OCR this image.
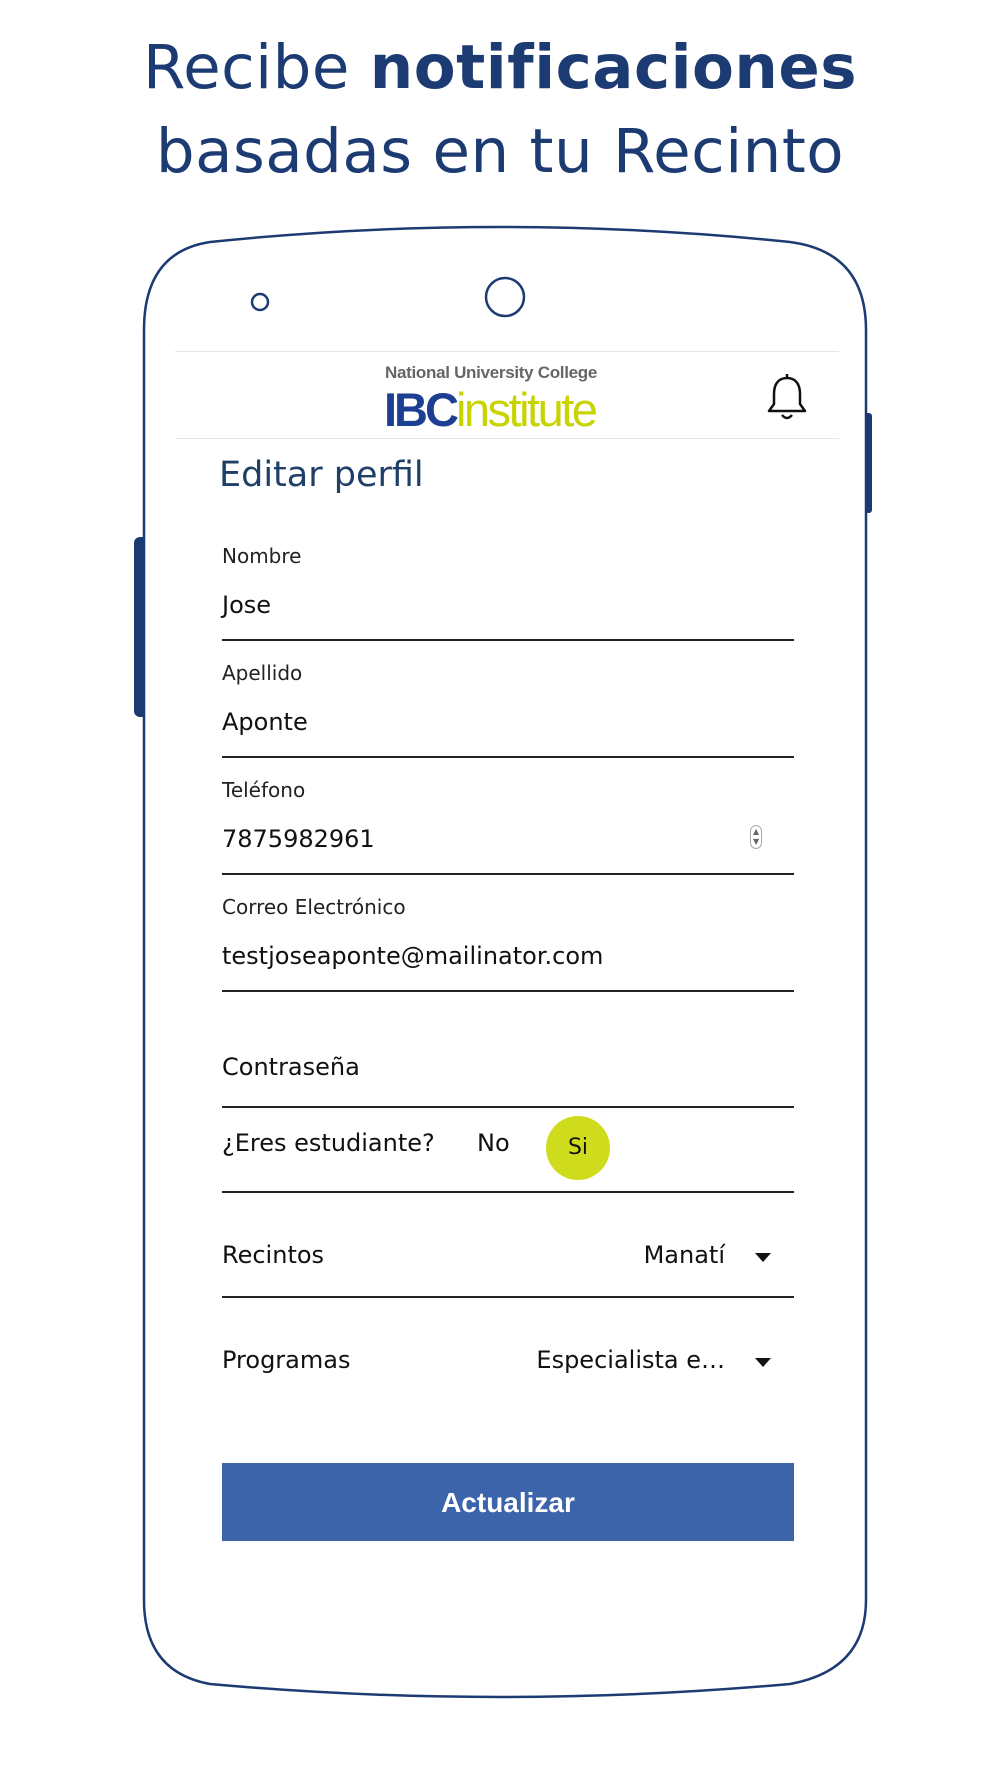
Recibe notificaciones
basadas en tu Recinto
National University College
IBCinstitute
Editar perfil
Nombre
Jose
Apellido
Aponte
Teléfono
7875982961	▲
▼
Correo Electrónico
testjoseaponte@mailinator.com
Contraseña
¿Eres estudiante? No	Si
Recintos	Manatí
Programas	Especialista e…
Actualizar
